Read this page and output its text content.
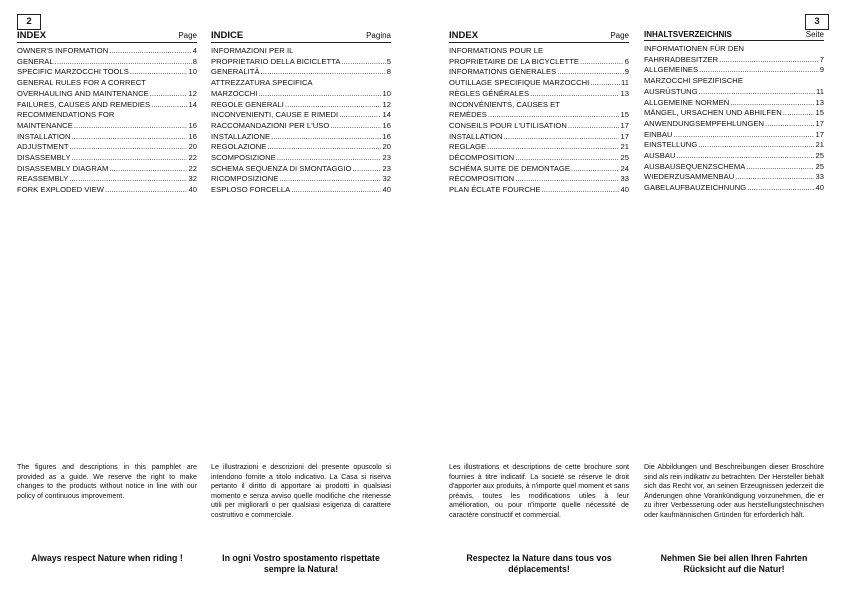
2	3
INDEX	Page
OWNER'S INFORMATION .....	4
GENERAL .....	8
SPECIFIC MARZOCCHI TOOLS .....	10
GENERAL RULES FOR A CORRECT
OVERHAULING AND MAINTENANCE .....	12
FAILURES, CAUSES AND REMEDIES .....	14
RECOMMENDATIONS FOR
MAINTENANCE .....	16
INSTALLATION .....	16
ADJUSTMENT .....	20
DISASSEMBLY .....	22
DISASSEMBLY DIAGRAM .....	22
REASSEMBLY .....	32
FORK EXPLODED VIEW .....	40
The figures and descriptions in this pamphlet are provided as a guide. We reserve the right to make changes to the products without notice in line with our policy of continuous improvement.
Always respect Nature when riding !
INDICE	Pagina
INFORMAZIONI PER IL
PROPRIETARIO DELLA BICICLETTA .....	5
GENERALITÀ .....	8
ATTREZZATURA SPECIFICA
MARZOCCHI .....	10
REGOLE GENERALI .....	12
INCONVENIENTI, CAUSE E RIMEDI .....	14
RACCOMANDAZIONI PER L'USO .....	16
INSTALLAZIONE .....	16
REGOLAZIONE .....	20
SCOMPOSIZIONE .....	23
SCHEMA SEQUENZA DI SMONTAGGIO .....	23
RICOMPOSIZIONE .....	32
ESPLOSO FORCELLA .....	40
Le illustrazioni e descrizioni del presente opuscolo si intendono fornite a titolo indicativo. La Casa si riserva pertanto il diritto di apportare ai prodotti in qualsiasi momento e senza avviso quelle modifiche che ritenesse utili per migliorarli o per qualsiasi esigenza di carattere costruttivo e commerciale.
In ogni Vostro spostamento rispettate sempre la Natura!
INDEX	Page
INFORMATIONS POUR LE
PROPRIETAIRE DE LA BICYCLETTE .....	6
INFORMATIONS GENERALES .....	9
OUTILLAGE SPECIFIQUE MARZOCCHI .....	11
RÈGLES GÉNÉRALES .....	13
INCONVÉNIENTS, CAUSES ET
REMÈDES .....	15
CONSEILS POUR L'UTILISATION .....	17
INSTALLATION .....	17
REGLAGE .....	21
DÉCOMPOSITION .....	25
SCHÉMA SUITE DE DEMONTAGE .....	24
RÉCOMPOSITION .....	33
PLAN ÉCLATE FOURCHE .....	40
Les illustrations et descriptions de cette brochure sont fournies à titre indicatif. La societé se réserve le droit d'apporter aux produits, à n'importe quel moment et sans préavis, toutes les modifications utiles à leur amélioration, ou pour n'importe quelle nécessité de caractère constructif et commercial.
Respectez la Nature dans tous vos déplacements!
INHALTSVERZEICHNIS	Seite
INFORMATIONEN FÜR DEN
FAHRRADBESITZER .....	7
ALLGEMEINES .....	9
MARZOCCHI SPEZIFISCHE
AUSRÜSTUNG .....	11
ALLGEMEINE NORMEN .....	13
MÄNGEL, URSACHEN UND ABHILFEN .....	15
ANWENDUNGSEMPFEHLUNGEN .....	17
EINBAU .....	17
EINSTELLUNG .....	21
AUSBAU .....	25
AUSBAUSEQUENZSCHEMA .....	25
WIEDERZUSAMMENBAU .....	33
GABELAUFBAUZEICHNUNG .....	40
Die Abbildungen und Beschreibungen dieser Broschüre sind als rein indikativ zu betrachten. Der Hersteller behält sich das Recht vor, an seinen Erzeugnissen jederzeit die Änderungen ohne Vorankündigung vorzunehmen, die er zu ihrer Verbesserung oder aus herstellungstechnischen oder kaufmännischen Gründen für erforderlich hält.
Nehmen Sie bei allen Ihren Fahrten Rücksicht auf die Natur!
